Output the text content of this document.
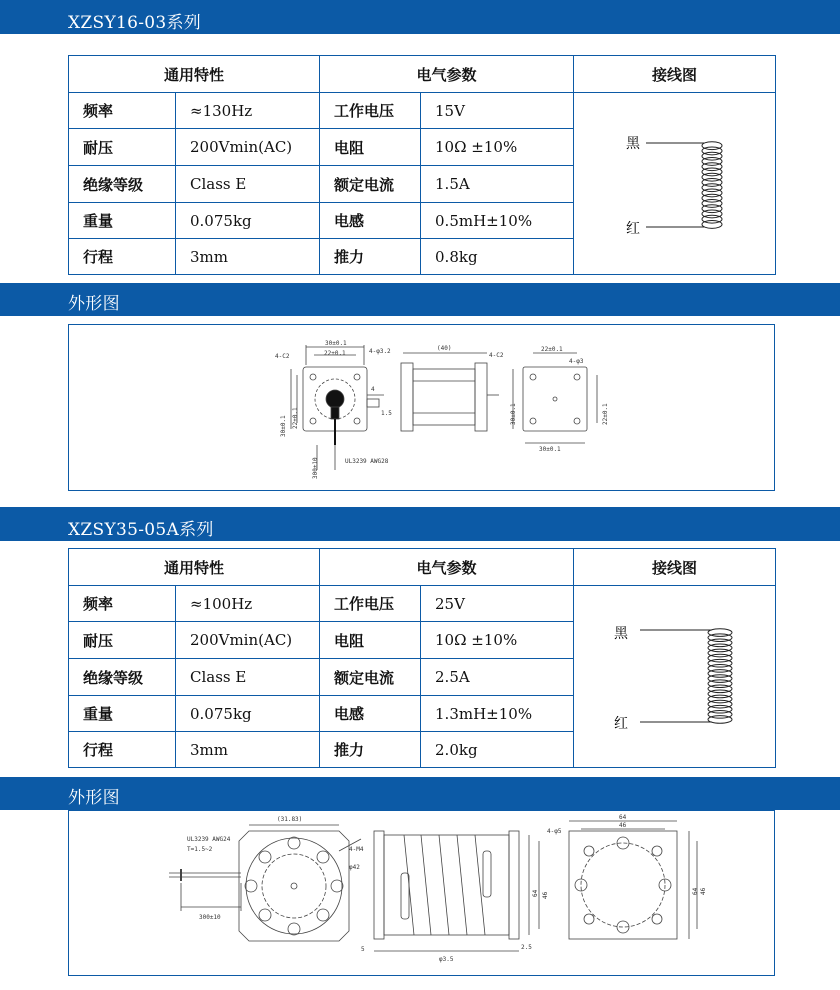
XZSY16-03系列
通用特性		电气参数		接线图
频率	≈130Hz	工作电压	15V	黑
红

耐压	200Vmin(AC)	电阻	10Ω ±10%	
绝缘等级	Class E	额定电流	1.5A	
重量	0.075kg	电感	0.5mH±10%	
行程	3mm	推力	0.8kg	
外形图
4-C2
30±0.1
22±0.1	4-φ3.2
30±0.1 22±0.1
4
1.5
(40)
4-C2
300±10	UL3239 AWG28
22±0.1
4-φ3
30±0.1	22±0.1
30±0.1
XZSY35-05A系列
通用特性		电气参数		接线图
频率	≈100Hz	工作电压	25V	黑
红

耐压	200Vmin(AC)	电阻	10Ω ±10%	
绝缘等级	Class E	额定电流	2.5A	
重量	0.075kg	电感	1.3mH±10%	
行程	3mm	推力	2.0kg	
外形图
UL3239 AWG24
T=1.5~2
300±10
(31.83)
4-M4
φ42
64 46
φ3.5
5	2.5
64
46
4-φ5
64 46
